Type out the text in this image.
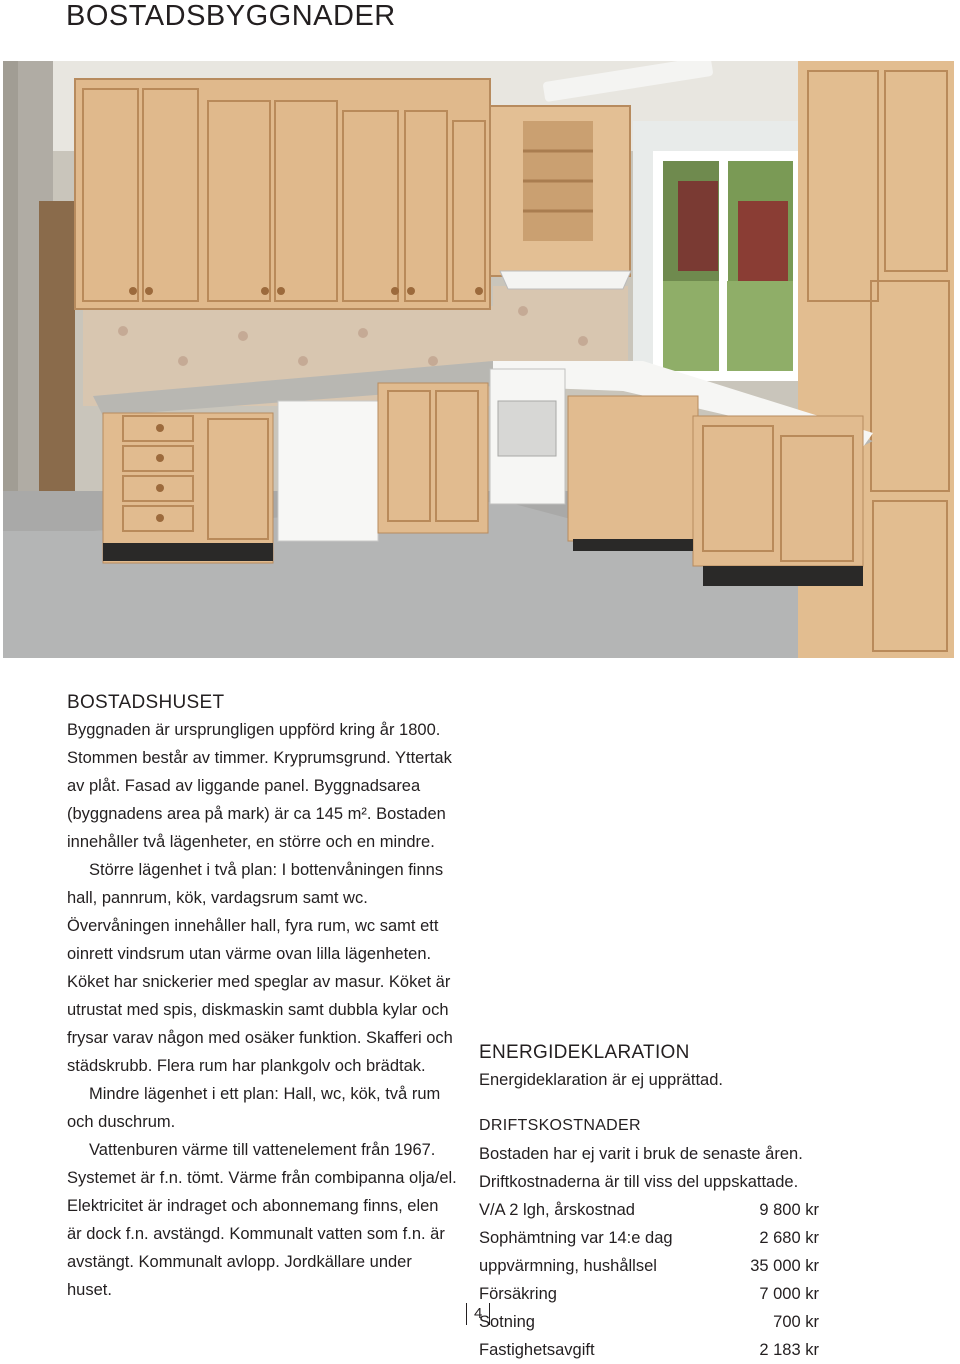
BOSTADSBYGGNADER
BOSTADSHUSET

Byggnaden är ursprungligen uppförd kring år 1800. Stommen består av timmer. Kryprumsgrund. Yttertak av plåt. Fasad av liggande panel. Byggnadsarea (byggnadens area på mark) är ca 145 m². Bostaden innehåller två lägenheter, en större och en mindre.

Större lägenhet i två plan: I bottenvåningen finns hall, pannrum, kök, vardagsrum samt wc. Övervåningen innehåller hall, fyra rum, wc samt ett oinrett vindsrum utan värme ovan lilla lägenheten. Köket har snickerier med speglar av masur. Köket är utrustat med spis, diskmaskin samt dubbla kylar och frysar varav någon med osäker funktion. Skafferi och städskrubb. Flera rum har plankgolv och brädtak.

Mindre lägenhet i ett plan: Hall, wc, kök, två rum och duschrum.

Vattenburen värme till vattenelement från 1967. Systemet är f.n. tömt. Värme från combipanna olja/el. Elektricitet är indraget och abonnemang finns, elen är dock f.n. avstängd. Kommunalt vatten som f.n. är avstängt. Kommunalt avlopp. Jordkällare under huset.

ENERGIDEKLARATION

Energideklaration är ej upprättad.

DRIFTSKOSTNADER

Bostaden har ej varit i bruk de senaste åren.

Driftkostnaderna är till viss del uppskattade.

V/A 2 lgh, årskostnad	9 800 kr
Sophämtning var 14:e dag	2 680 kr
uppvärmning, hushållsel	35 000 kr
Försäkring	7 000 kr
Sotning	700 kr
Fastighetsavgift	2 183 kr
4
